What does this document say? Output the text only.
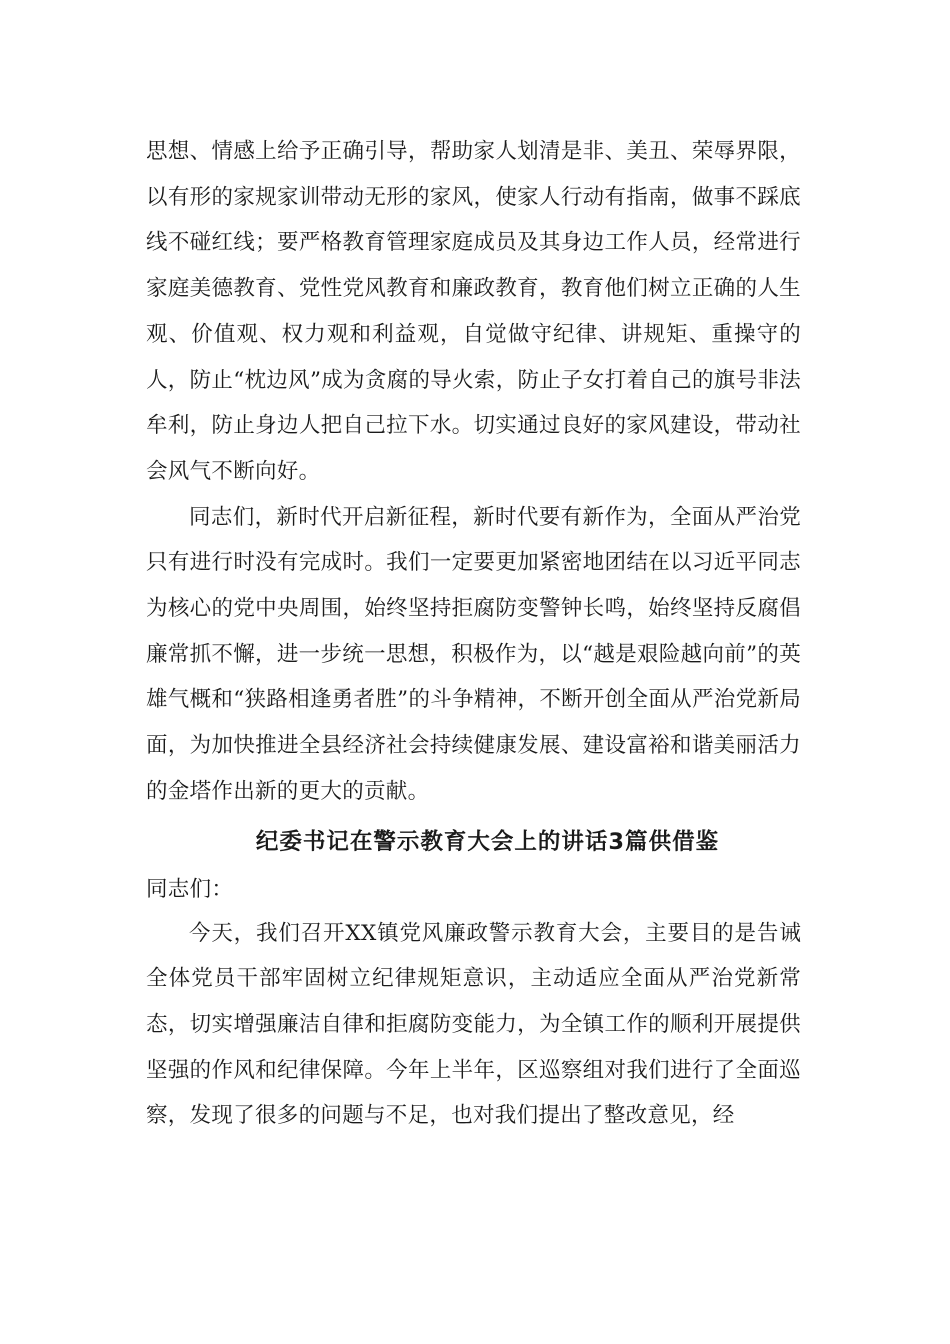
思想、情感上给予正确引导，帮助家人划清是非、美丑、荣辱界限，以有形的家规家训带动无形的家风，使家人行动有指南，做事不踩底线不碰红线；要严格教育管理家庭成员及其身边工作人员，经常进行家庭美德教育、党性党风教育和廉政教育，教育他们树立正确的人生观、价值观、权力观和利益观，自觉做守纪律、讲规矩、重操守的人，防止“枕边风”成为贪腐的导火索，防止子女打着自己的旗号非法牟利，防止身边人把自己拉下水。切实通过良好的家风建设，带动社会风气不断向好。

同志们，新时代开启新征程，新时代要有新作为，全面从严治党只有进行时没有完成时。我们一定要更加紧密地团结在以习近平同志为核心的党中央周围，始终坚持拒腐防变警钟长鸣，始终坚持反腐倡廉常抓不懈，进一步统一思想，积极作为，以“越是艰险越向前”的英雄气概和“狭路相逢勇者胜”的斗争精神，不断开创全面从严治党新局面，为加快推进全县经济社会持续健康发展、建设富裕和谐美丽活力的金塔作出新的更大的贡献。

纪委书记在警示教育大会上的讲话3篇供借鉴

同志们：

今天，我们召开XX镇党风廉政警示教育大会，主要目的是告诫全体党员干部牢固树立纪律规矩意识，主动适应全面从严治党新常态，切实增强廉洁自律和拒腐防变能力，为全镇工作的顺利开展提供坚强的作风和纪律保障。今年上半年，区巡察组对我们进行了全面巡察，发现了很多的问题与不足，也对我们提出了整改意见，经
